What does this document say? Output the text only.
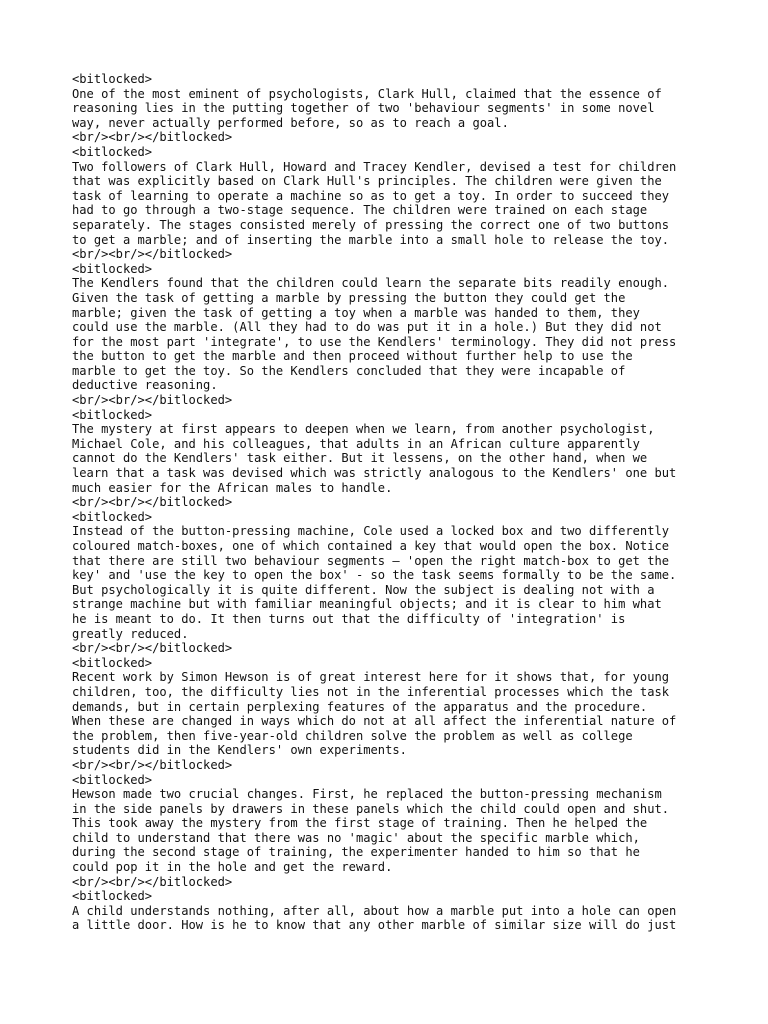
<bitlocked>
One of the most eminent of psychologists, Clark Hull, claimed that the essence of
reasoning lies in the putting together of two 'behaviour segments' in some novel
way, never actually performed before, so as to reach a goal.
<br/><br/></bitlocked>
<bitlocked>
Two followers of Clark Hull, Howard and Tracey Kendler, devised a test for children
that was explicitly based on Clark Hull's principles. The children were given the
task of learning to operate a machine so as to get a toy. In order to succeed they
had to go through a two-stage sequence. The children were trained on each stage
separately. The stages consisted merely of pressing the correct one of two buttons
to get a marble; and of inserting the marble into a small hole to release the toy.
<br/><br/></bitlocked>
<bitlocked>
The Kendlers found that the children could learn the separate bits readily enough.
Given the task of getting a marble by pressing the button they could get the
marble; given the task of getting a toy when a marble was handed to them, they
could use the marble. (All they had to do was put it in a hole.) But they did not
for the most part 'integrate', to use the Kendlers' terminology. They did not press
the button to get the marble and then proceed without further help to use the
marble to get the toy. So the Kendlers concluded that they were incapable of
deductive reasoning.
<br/><br/></bitlocked>
<bitlocked>
The mystery at first appears to deepen when we learn, from another psychologist,
Michael Cole, and his colleagues, that adults in an African culture apparently
cannot do the Kendlers' task either. But it lessens, on the other hand, when we
learn that a task was devised which was strictly analogous to the Kendlers' one but
much easier for the African males to handle.
<br/><br/></bitlocked>
<bitlocked>
Instead of the button-pressing machine, Cole used a locked box and two differently
coloured match-boxes, one of which contained a key that would open the box. Notice
that there are still two behaviour segments — 'open the right match-box to get the
key' and 'use the key to open the box' - so the task seems formally to be the same.
But psychologically it is quite different. Now the subject is dealing not with a
strange machine but with familiar meaningful objects; and it is clear to him what
he is meant to do. It then turns out that the difficulty of 'integration' is
greatly reduced.
<br/><br/></bitlocked>
<bitlocked>
Recent work by Simon Hewson is of great interest here for it shows that, for young
children, too, the difficulty lies not in the inferential processes which the task
demands, but in certain perplexing features of the apparatus and the procedure.
When these are changed in ways which do not at all affect the inferential nature of
the problem, then five-year-old children solve the problem as well as college
students did in the Kendlers' own experiments.
<br/><br/></bitlocked>
<bitlocked>
Hewson made two crucial changes. First, he replaced the button-pressing mechanism
in the side panels by drawers in these panels which the child could open and shut.
This took away the mystery from the first stage of training. Then he helped the
child to understand that there was no 'magic' about the specific marble which,
during the second stage of training, the experimenter handed to him so that he
could pop it in the hole and get the reward.
<br/><br/></bitlocked>
<bitlocked>
A child understands nothing, after all, about how a marble put into a hole can open
a little door. How is he to know that any other marble of similar size will do just
